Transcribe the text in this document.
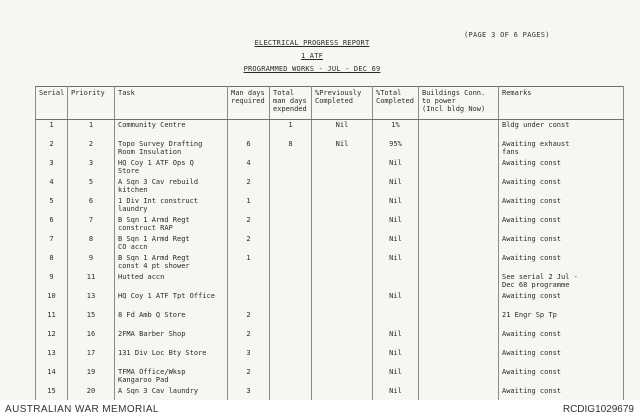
(PAGE 3 OF 6 PAGES)
ELECTRICAL PROGRESS REPORT
1 ATF
PROGRAMMED WORKS - JUL - DEC 69
Serial	Priority	Task	Man days
required	Total
man days
expended	%Previously
Completed	%Total
Completed	Buildings Conn.
to power
(Incl bldg Now)	Remarks
1	1	Community Centre		1	Nil	1%		Bldg under const
2	2	Topo Survey Drafting
Room Insulation	6	8	Nil	95%		Awaiting exhaust
fans
3	3	HQ Coy 1 ATF Ops Q
Store	4			Nil		Awaiting const
4	5	A Sqn 3 Cav rebuild
kitchen	2			Nil		Awaiting const
5	6	1 Div Int construct
laundry	1			Nil		Awaiting const
6	7	B Sqn 1 Armd Regt
construct RAP	2			Nil		Awaiting const
7	8	B Sqn 1 Armd Regt
CO accn	2			Nil		Awaiting const
8	9	B Sqn 1 Armd Regt
const 4 pt shower	1			Nil		Awaiting const
9	11	Hutted accn						See serial 2 Jul -
Dec 68 programme
10	13	HQ Coy 1 ATF Tpt Office				Nil		Awaiting const
11	15	8 Fd Amb Q Store	2					21 Engr Sp Tp
12	16	2FMA Barber Shop	2			Nil		Awaiting const
13	17	131 Div Loc Bty Store	3			Nil		Awaiting const
14	19	TFMA Office/Wksp
Kangaroo Pad	2			Nil		Awaiting const
15	20	A Sqn 3 Cav laundry	3			Nil		Awaiting const
AUSTRALIAN WAR MEMORIAL	RCDIG1029679
